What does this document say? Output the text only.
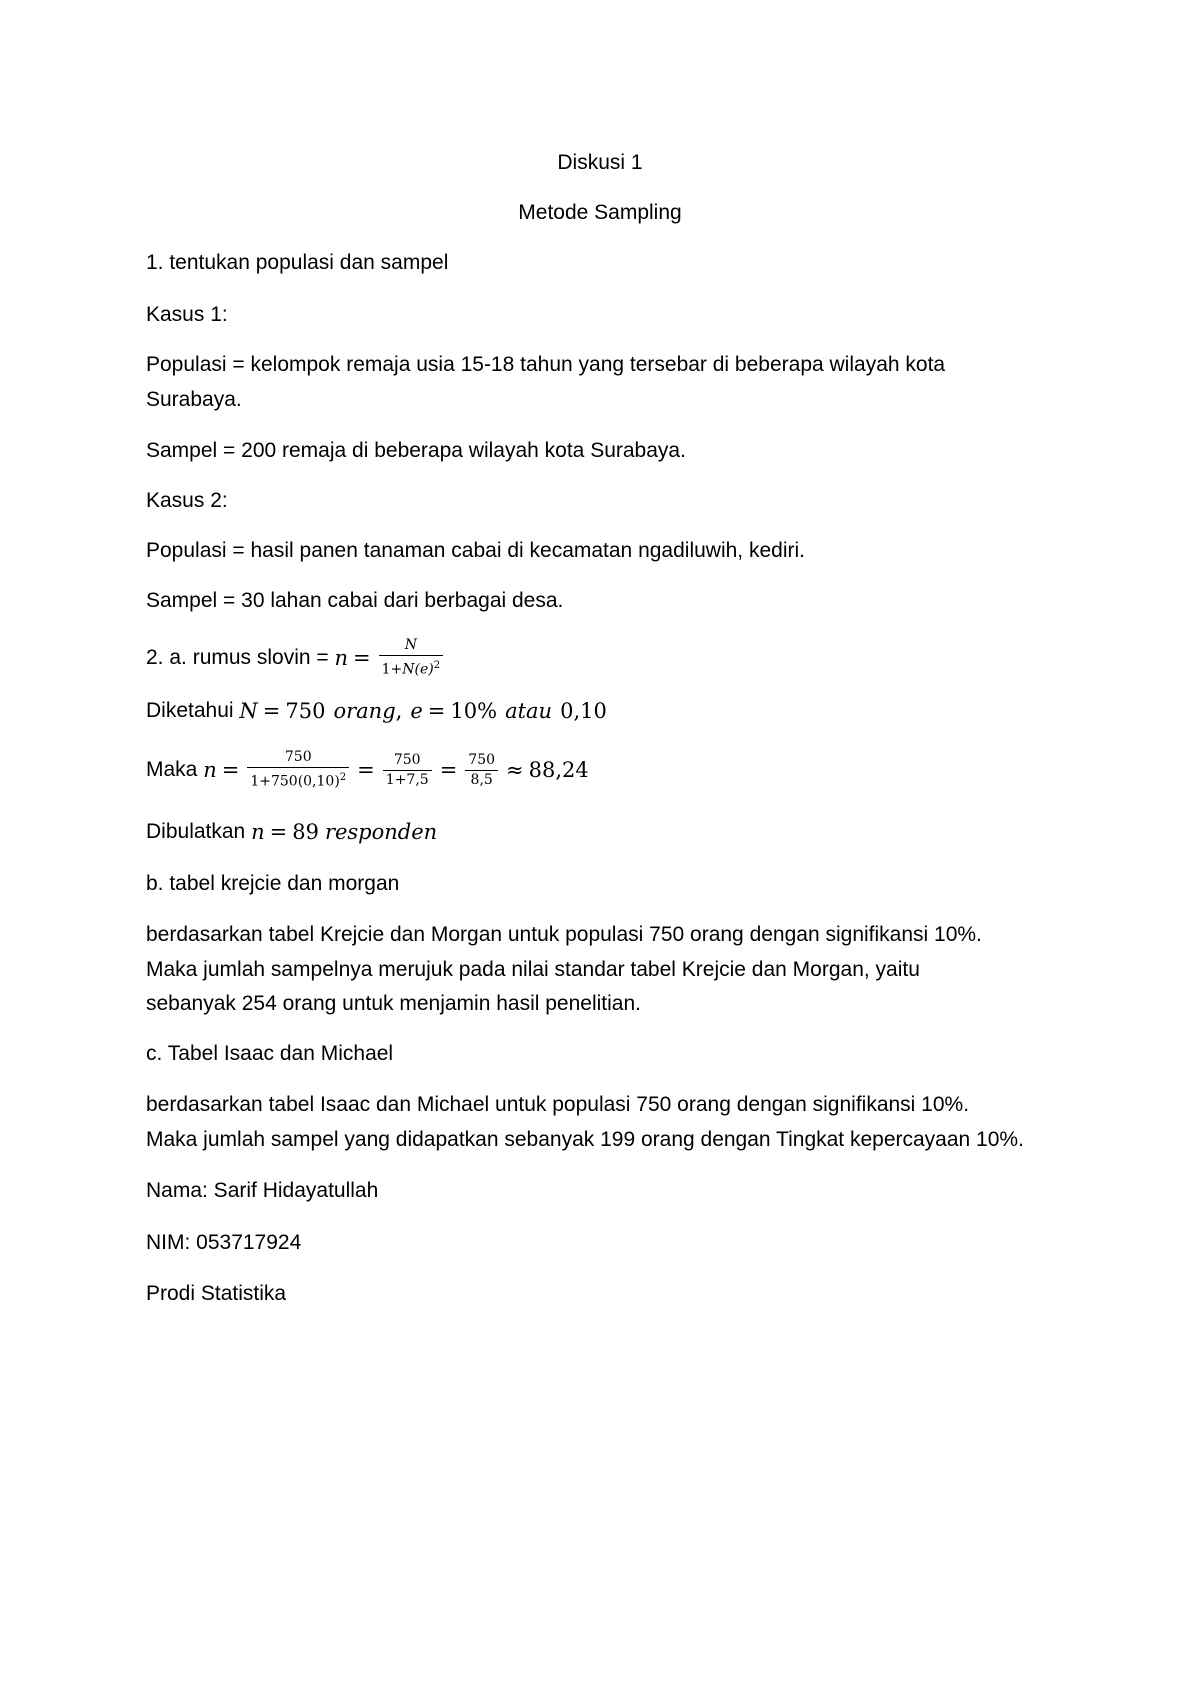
Diskusi 1
Metode Sampling
1. tentukan populasi dan sampel
Kasus 1:
Populasi = kelompok remaja usia 15-18 tahun yang tersebar di beberapa wilayah kota
Surabaya.
Sampel = 200 remaja di beberapa wilayah kota Surabaya.
Kasus 2:
Populasi = hasil panen tanaman cabai di kecamatan ngadiluwih, kediri.
Sampel = 30 lahan cabai dari berbagai desa.
2. a. rumus slovin = $n = \frac{N}{1+N(e)^2}$
Diketahui N = 750 orang , e = 10% atau 0,10
Maka $n = \frac{750}{1+750(0,10)^2} = \frac{750}{1+7,5} = \frac{750}{8,5} \approx 88,24$
Dibulatkan n = 89 responden
b. tabel krejcie dan morgan
berdasarkan tabel Krejcie dan Morgan untuk populasi 750 orang dengan signifikansi 10%.
Maka jumlah sampelnya merujuk pada nilai standar tabel Krejcie dan Morgan, yaitu
sebanyak 254 orang untuk menjamin hasil penelitian.
c. Tabel Isaac dan Michael
berdasarkan tabel Isaac dan Michael untuk populasi 750 orang dengan signifikansi 10%.
Maka jumlah sampel yang didapatkan sebanyak 199 orang dengan Tingkat kepercayaan 10%.
Nama: Sarif Hidayatullah
NIM: 053717924
Prodi Statistika
